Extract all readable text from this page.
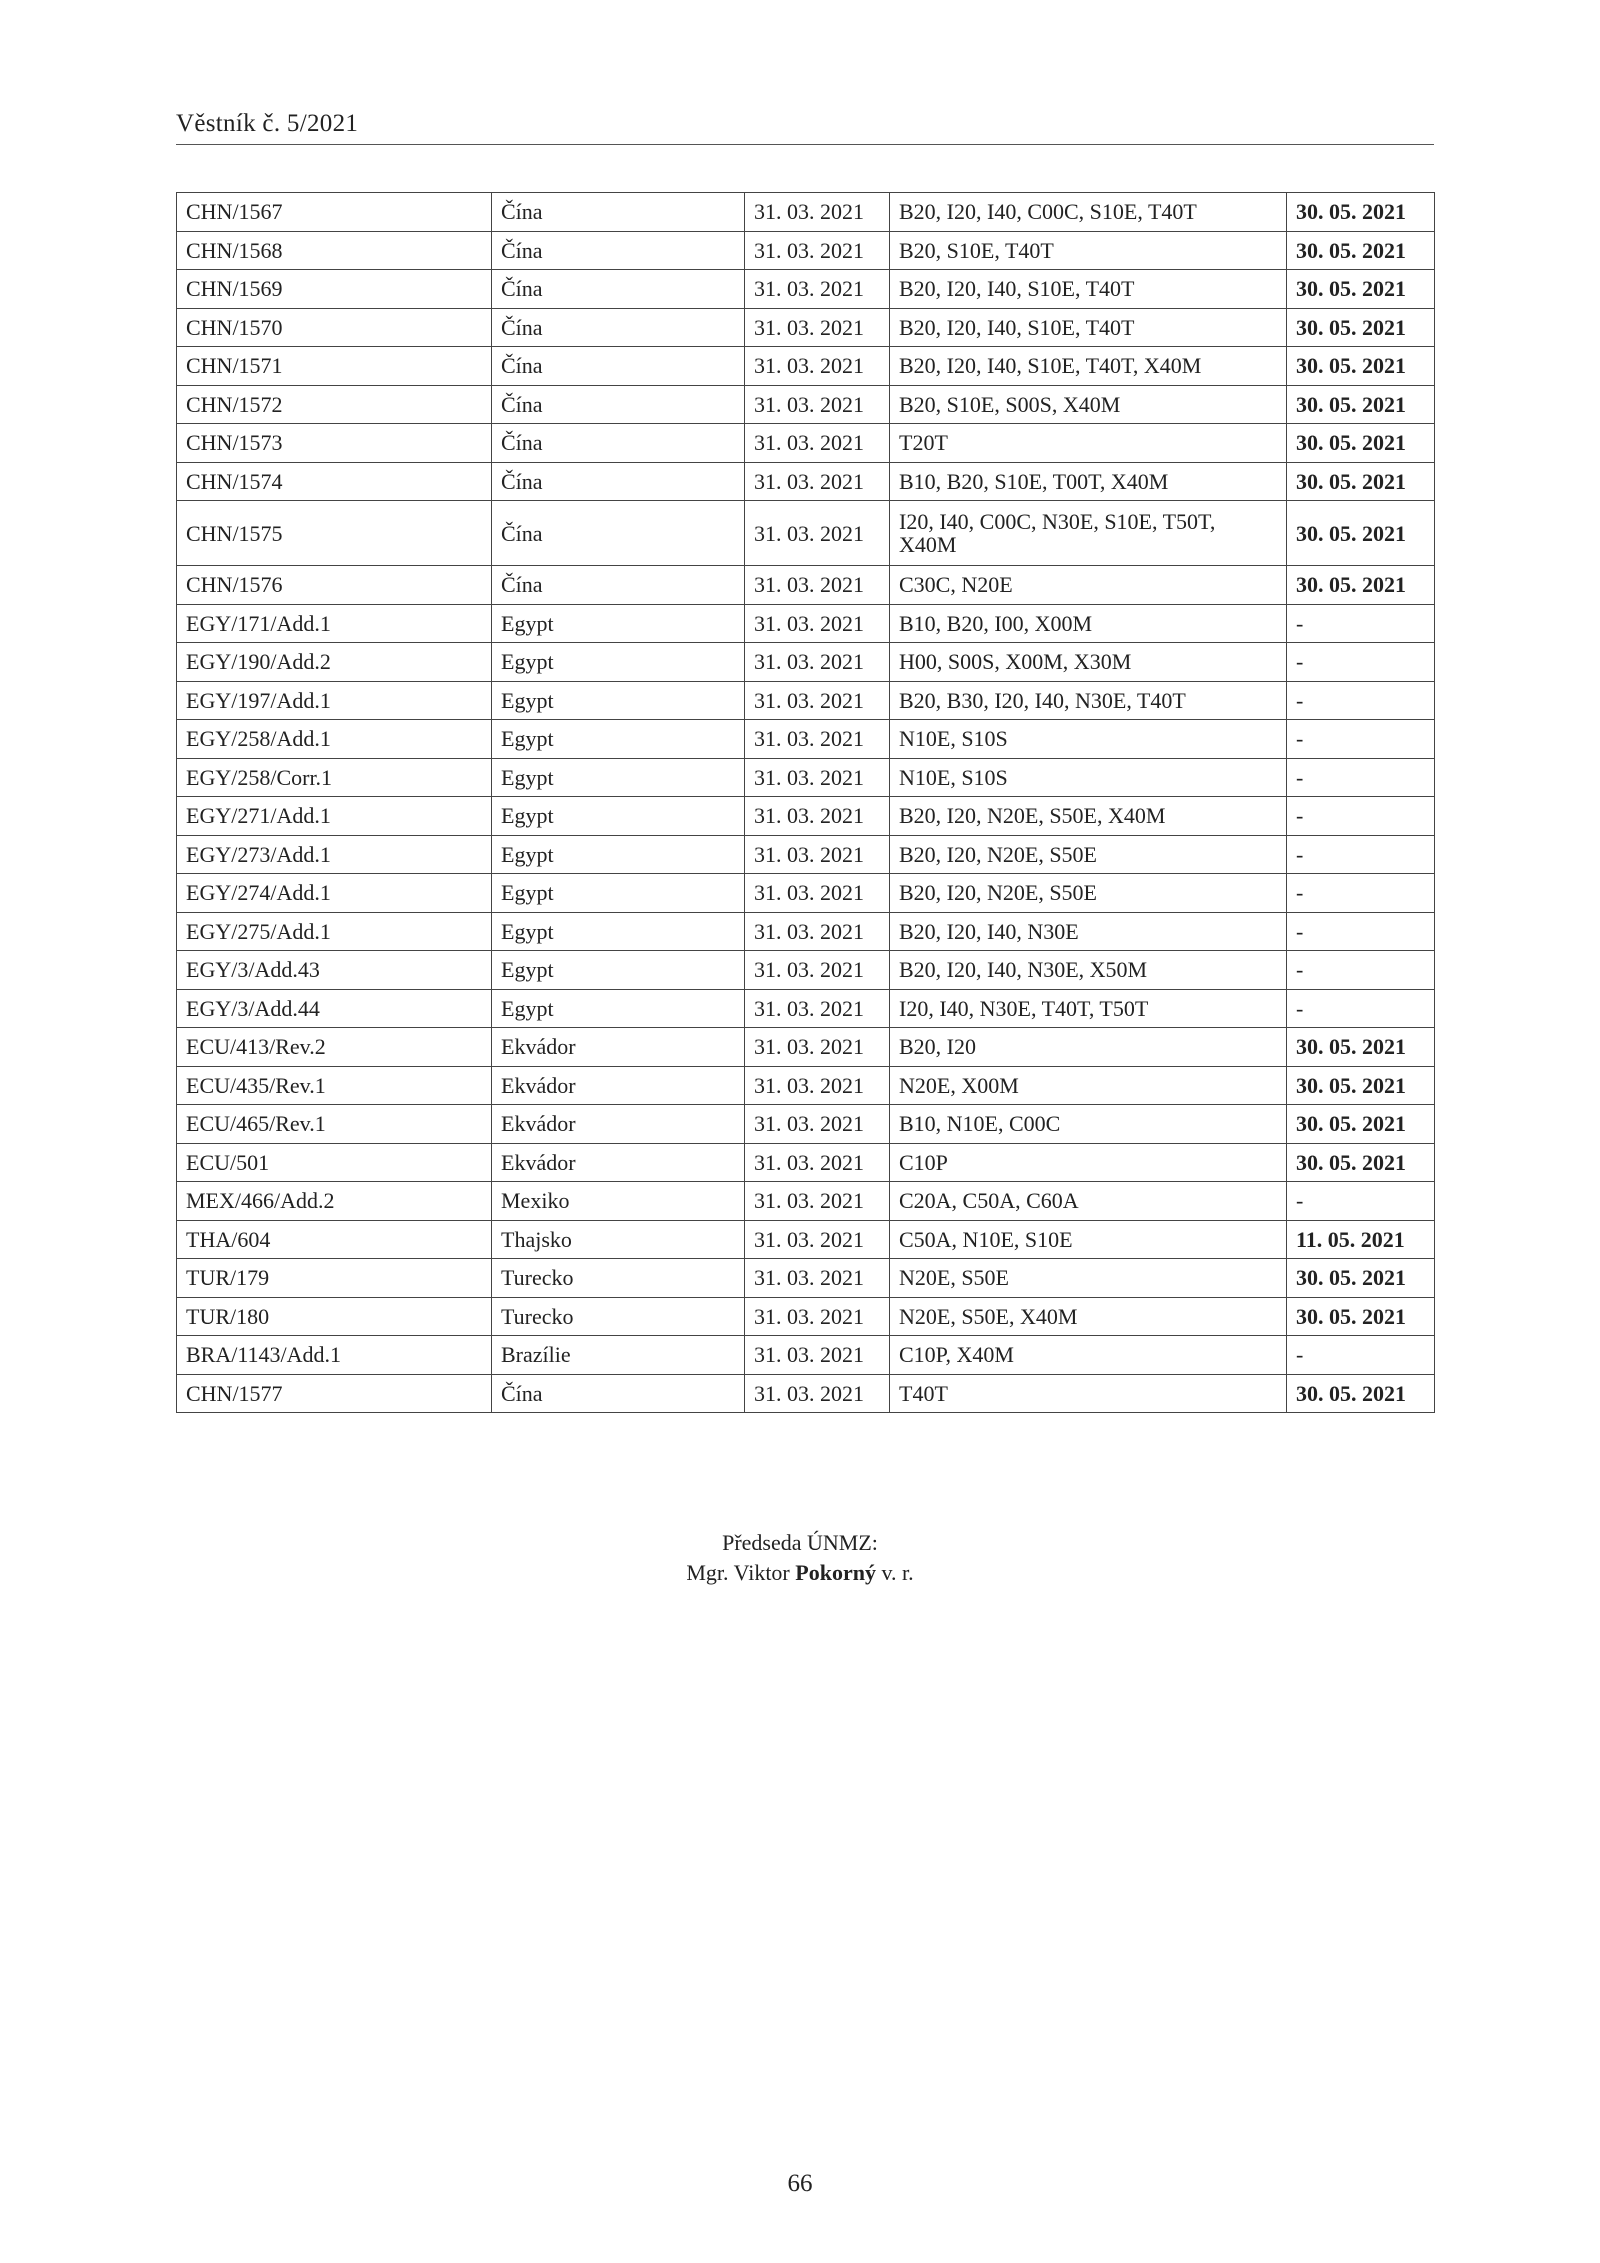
Věstník č. 5/2021
CHN/1567	Čína	31. 03. 2021	B20, I20, I40, C00C, S10E, T40T	30. 05. 2021
CHN/1568	Čína	31. 03. 2021	B20, S10E, T40T	30. 05. 2021
CHN/1569	Čína	31. 03. 2021	B20, I20, I40, S10E, T40T	30. 05. 2021
CHN/1570	Čína	31. 03. 2021	B20, I20, I40, S10E, T40T	30. 05. 2021
CHN/1571	Čína	31. 03. 2021	B20, I20, I40, S10E, T40T, X40M	30. 05. 2021
CHN/1572	Čína	31. 03. 2021	B20, S10E, S00S, X40M	30. 05. 2021
CHN/1573	Čína	31. 03. 2021	T20T	30. 05. 2021
CHN/1574	Čína	31. 03. 2021	B10, B20, S10E, T00T, X40M	30. 05. 2021
CHN/1575	Čína	31. 03. 2021	I20, I40, C00C, N30E, S10E, T50T, X40M	30. 05. 2021
CHN/1576	Čína	31. 03. 2021	C30C, N20E	30. 05. 2021
EGY/171/Add.1	Egypt	31. 03. 2021	B10, B20, I00, X00M	-
EGY/190/Add.2	Egypt	31. 03. 2021	H00, S00S, X00M, X30M	-
EGY/197/Add.1	Egypt	31. 03. 2021	B20, B30, I20, I40, N30E, T40T	-
EGY/258/Add.1	Egypt	31. 03. 2021	N10E, S10S	-
EGY/258/Corr.1	Egypt	31. 03. 2021	N10E, S10S	-
EGY/271/Add.1	Egypt	31. 03. 2021	B20, I20, N20E, S50E, X40M	-
EGY/273/Add.1	Egypt	31. 03. 2021	B20, I20, N20E, S50E	-
EGY/274/Add.1	Egypt	31. 03. 2021	B20, I20, N20E, S50E	-
EGY/275/Add.1	Egypt	31. 03. 2021	B20, I20, I40, N30E	-
EGY/3/Add.43	Egypt	31. 03. 2021	B20, I20, I40, N30E, X50M	-
EGY/3/Add.44	Egypt	31. 03. 2021	I20, I40, N30E, T40T, T50T	-
ECU/413/Rev.2	Ekvádor	31. 03. 2021	B20, I20	30. 05. 2021
ECU/435/Rev.1	Ekvádor	31. 03. 2021	N20E, X00M	30. 05. 2021
ECU/465/Rev.1	Ekvádor	31. 03. 2021	B10, N10E, C00C	30. 05. 2021
ECU/501	Ekvádor	31. 03. 2021	C10P	30. 05. 2021
MEX/466/Add.2	Mexiko	31. 03. 2021	C20A, C50A, C60A	-
THA/604	Thajsko	31. 03. 2021	C50A, N10E, S10E	11. 05. 2021
TUR/179	Turecko	31. 03. 2021	N20E, S50E	30. 05. 2021
TUR/180	Turecko	31. 03. 2021	N20E, S50E, X40M	30. 05. 2021
BRA/1143/Add.1	Brazílie	31. 03. 2021	C10P, X40M	-
CHN/1577	Čína	31. 03. 2021	T40T	30. 05. 2021
Předseda ÚNMZ:
Mgr. Viktor Pokorný v. r.
66
